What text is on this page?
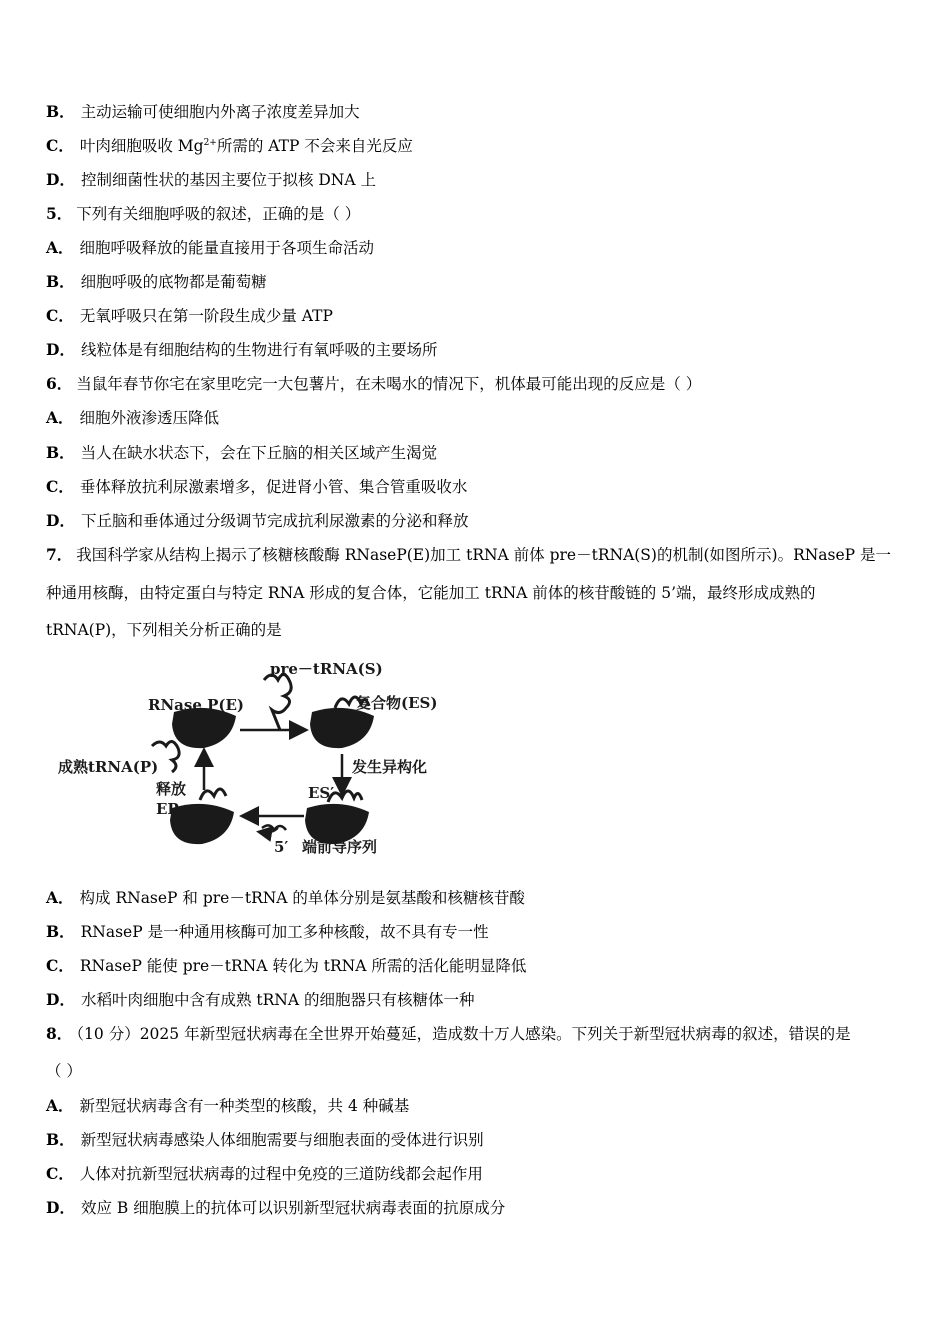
B． 主动运输可使细胞内外离子浓度差异加大
C． 叶肉细胞吸收 $Mg^{2+}$所需的 ATP 不会来自光反应
D． 控制细菌性状的基因主要位于拟核 DNA 上
5． 下列有关细胞呼吸的叙述，正确的是（ ）
A． 细胞呼吸释放的能量直接用于各项生命活动
B． 细胞呼吸的底物都是葡萄糖
C． 无氧呼吸只在第一阶段生成少量 ATP
D． 线粒体是有细胞结构的生物进行有氧呼吸的主要场所
6． 当鼠年春节你宅在家里吃完一大包薯片，在未喝水的情况下，机体最可能出现的反应是（ ）
A． 细胞外液渗透压降低
B． 当人在缺水状态下，会在下丘脑的相关区域产生渴觉
C． 垂体释放抗利尿激素增多，促进肾小管、集合管重吸收水
D． 下丘脑和垂体通过分级调节完成抗利尿激素的分泌和释放
7． 我国科学家从结构上揭示了核糖核酸酶 RNaseP(E)加工 tRNA 前体 pre－tRNA(S)的机制(如图所示)。RNaseP 是一
种通用核酶，由特定蛋白与特定 RNA 形成的复合体，它能加工 tRNA 前体的核苷酸链的 5’端，最终形成成熟的
tRNA(P)，下列相关分析正确的是
pre－tRNA(S)
RNase P(E)	复合物(ES)
发生异构化
ES′
成熟tRNA(P)
释放
EP
5′ 端前导序列
A． 构成 RNaseP 和 pre－tRNA 的单体分别是氨基酸和核糖核苷酸
B． RNaseP 是一种通用核酶可加工多种核酸，故不具有专一性
C． RNaseP 能使 pre－tRNA 转化为 tRNA 所需的活化能明显降低
D． 水稻叶肉细胞中含有成熟 tRNA 的细胞器只有核糖体一种
8． （10 分）2025 年新型冠状病毒在全世界开始蔓延，造成数十万人感染。下列关于新型冠状病毒的叙述，错误的是
（ ）
A． 新型冠状病毒含有一种类型的核酸，共 4 种碱基
B． 新型冠状病毒感染人体细胞需要与细胞表面的受体进行识别
C． 人体对抗新型冠状病毒的过程中免疫的三道防线都会起作用
D． 效应 B 细胞膜上的抗体可以识别新型冠状病毒表面的抗原成分
